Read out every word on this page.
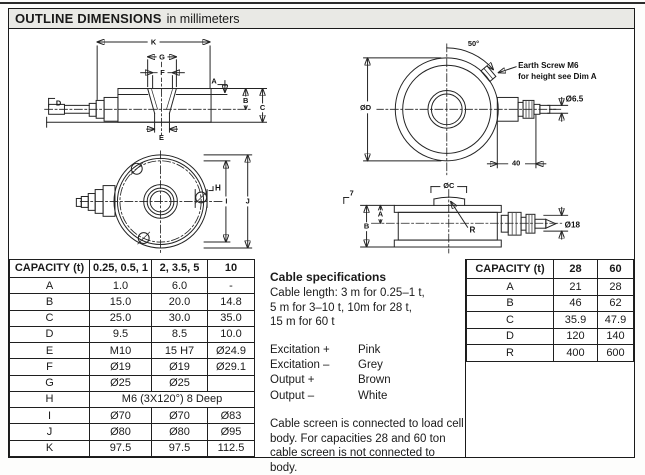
OUTLINE DIMENSIONS in millimeters
K
G
F
A
B
C
D
E
ØD
50°
Earth Screw M6
for height see Dim A
Ø6.5
40
H
I J
ØC
7
A
B	R
Ø18
CAPACITY (t)	0.25, 0.5, 1	2, 3.5, 5	10
A	1.0	6.0	-
B	15.0	20.0	14.8
C	25.0	30.0	35.0
D	9.5	8.5	10.0
E	M10	15 H7	Ø24.9
F	Ø19	Ø19	Ø29.1
G	Ø25	Ø25	
H	M6 (3X120°) 8 Deep		
I	Ø70	Ø70	Ø83
J	Ø80	Ø80	Ø95
K	97.5	97.5	112.5
Cable specifications
Cable length: 3 m for 0.25–1 t,
5 m for 3–10 t, 10m for 28 t,
15 m for 60 t
Excitation +	Pink
Excitation –	Grey
Output +	Brown
Output –	White
Cable screen is connected to load cell body. For capacities 28 and 60 ton cable screen is not connected to body.
CAPACITY (t)	28	60
A	21	28
B	46	62
C	35.9	47.9
D	120	140
R	400	600
